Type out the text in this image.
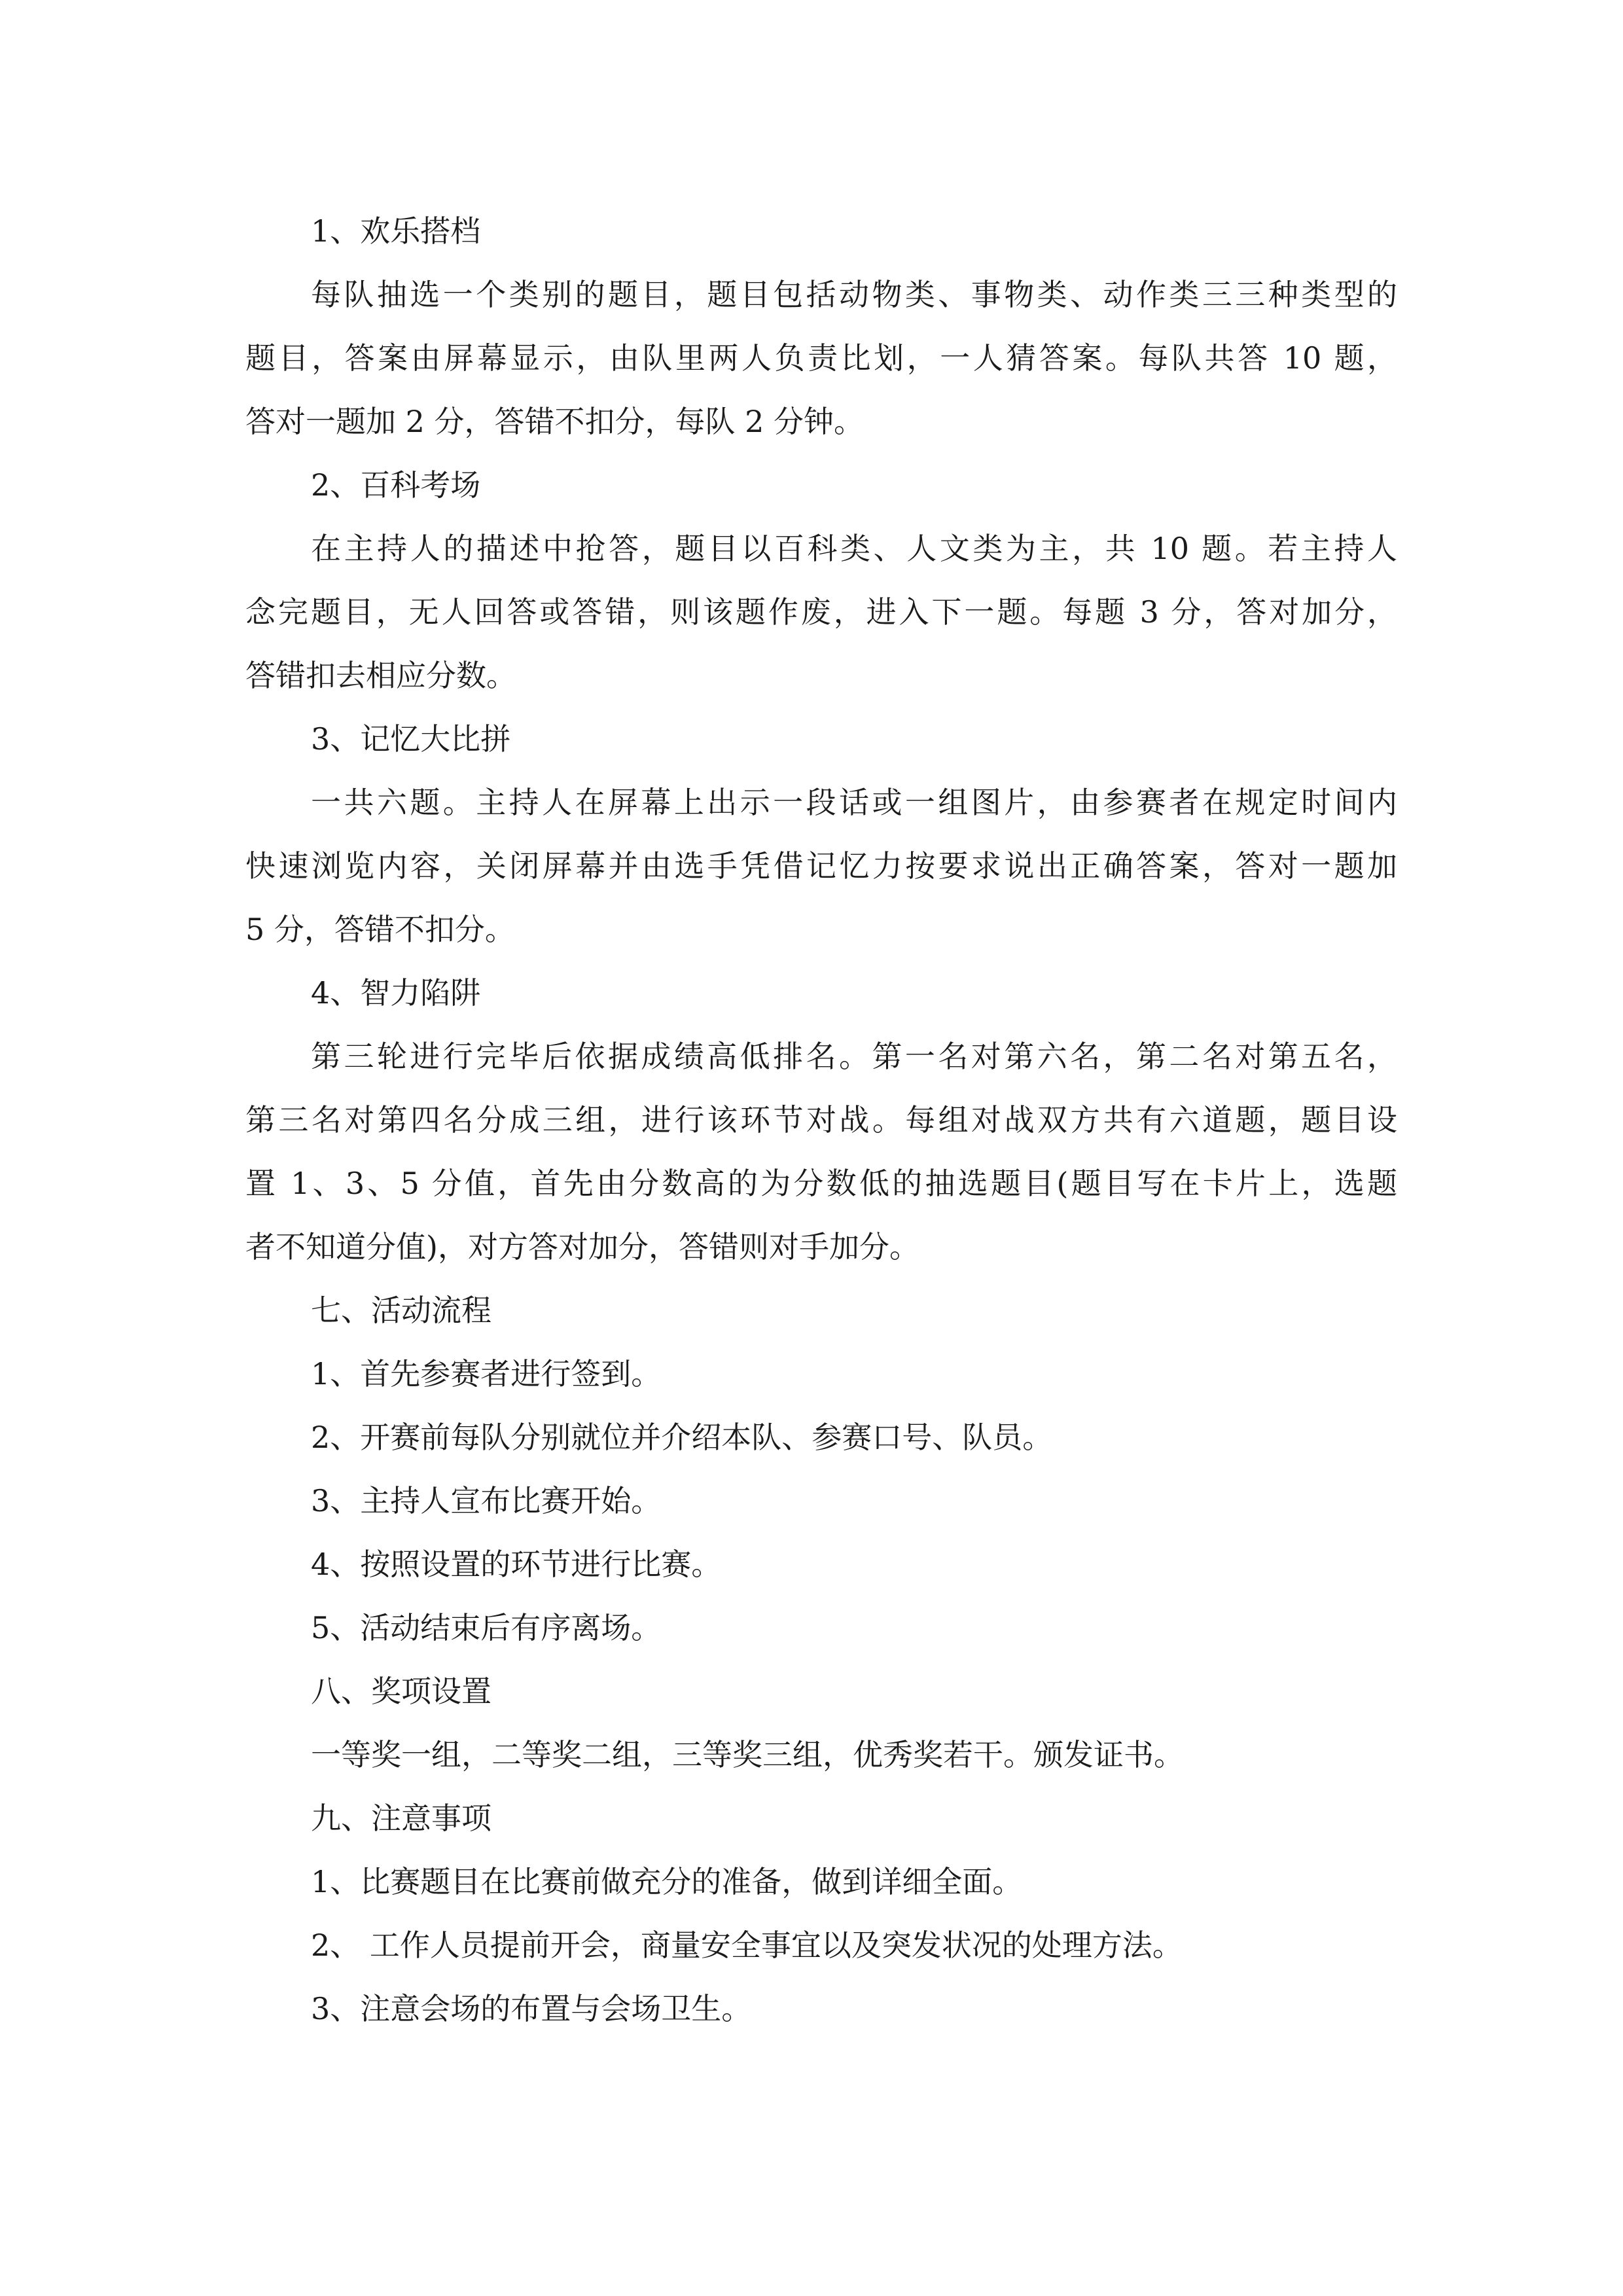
1、欢乐搭档
每队抽选一个类别的题目，题目包括动物类、事物类、动作类三三种类型的
题目，答案由屏幕显示，由队里两人负责比划，一人猜答案。每队共答 10 题，
答对一题加 2 分，答错不扣分，每队 2 分钟。
2、百科考场
在主持人的描述中抢答，题目以百科类、人文类为主，共 10 题。若主持人
念完题目，无人回答或答错，则该题作废，进入下一题。每题 3 分，答对加分，
答错扣去相应分数。
3、记忆大比拼
一共六题。主持人在屏幕上出示一段话或一组图片，由参赛者在规定时间内
快速浏览内容，关闭屏幕并由选手凭借记忆力按要求说出正确答案，答对一题加
5 分，答错不扣分。
4、智力陷阱
第三轮进行完毕后依据成绩高低排名。第一名对第六名，第二名对第五名，
第三名对第四名分成三组，进行该环节对战。每组对战双方共有六道题，题目设
置 1、3、5 分值，首先由分数高的为分数低的抽选题目(题目写在卡片上，选题
者不知道分值)，对方答对加分，答错则对手加分。
七、活动流程
1、首先参赛者进行签到。
2、开赛前每队分别就位并介绍本队、参赛口号、队员。
3、主持人宣布比赛开始。
4、按照设置的环节进行比赛。
5、活动结束后有序离场。
八、奖项设置
一等奖一组，二等奖二组，三等奖三组，优秀奖若干。颁发证书。
九、注意事项
1、比赛题目在比赛前做充分的准备，做到详细全面。
2、 工作人员提前开会，商量安全事宜以及突发状况的处理方法。
3、注意会场的布置与会场卫生。
